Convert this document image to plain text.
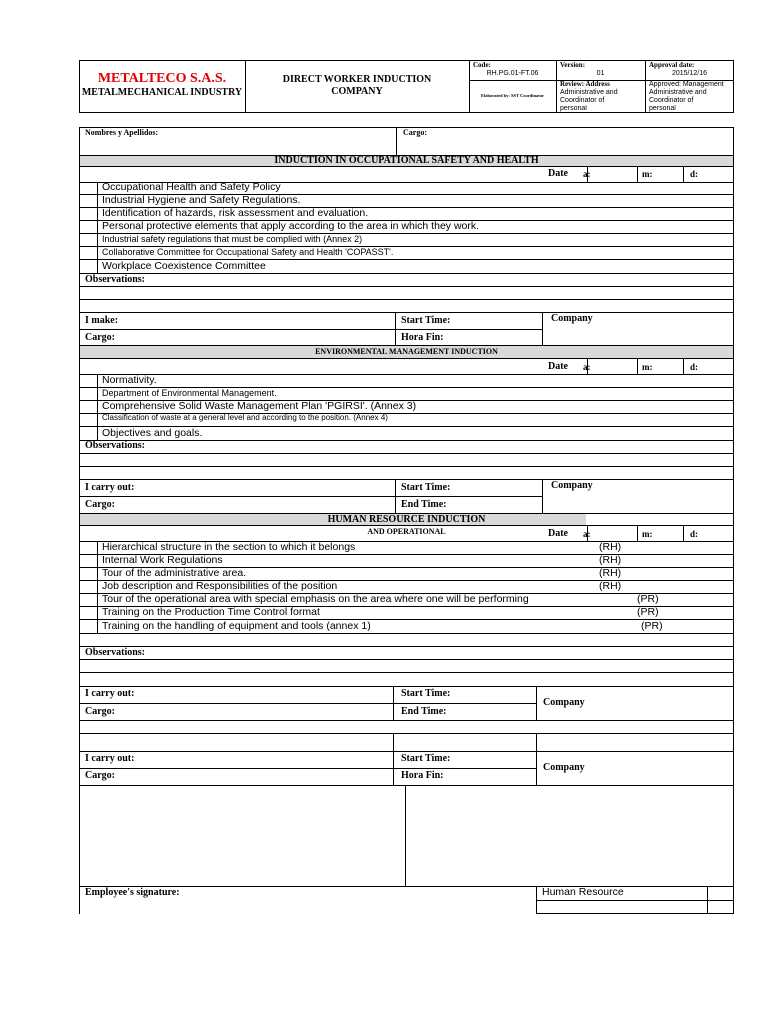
METALTECO S.A.S.
METALMECHANICAL INDUSTRY
DIRECT WORKER INDUCTION
COMPANY
Code:
RH.PG.01-FT.06
Version:
01
Approval date:
2015/12/16
Elaborated by: SST Coordinator
Review: Address
Administrative and
Coordinator of
personal
Approved: Management
Administrative and
Coordinator of
personal
Nombres y Apellidos:	Cargo:
INDUCTION IN OCCUPATIONAL SAFETY AND HEALTH
Date a:	m:	d:
Occupational Health and Safety Policy
Industrial Hygiene and Safety Regulations.
Identification of hazards, risk assessment and evaluation.
Personal protective elements that apply according to the area in which they work.
Industrial safety regulations that must be complied with (Annex 2)
Collaborative Committee for Occupational Safety and Health 'COPASST'.
Workplace Coexistence Committee
Observations:
I make:	Start Time:	Company
Cargo:	Hora Fin:
ENVIRONMENTAL MANAGEMENT INDUCTION
Date a:	m:	d:
Normativity.
Department of Environmental Management.
Comprehensive Solid Waste Management Plan 'PGIRSI'. (Annex 3)
Classification of waste at a general level and according to the position. (Annex 4)
Objectives and goals.
Observations:
I carry out:	Start Time:	Company
Cargo:	End Time:
HUMAN RESOURCE INDUCTION
AND OPERATIONAL	Date a:	m:	d:
Hierarchical structure in the section to which it belongs	(RH)
Internal Work Regulations	(RH)
Tour of the administrative area.	(RH)
Job description and Responsibilities of the position	(RH)
Tour of the operational area with special emphasis on the area where one will be performing	(PR)
Training on the Production Time Control format	(PR)
Training on the handling of equipment and tools (annex 1)	(PR)
Observations:
I carry out:	Start Time:
Company
Cargo:	End Time:
I carry out:	Start Time:
Company
Cargo:	Hora Fin:
Employee's signature:	Human Resource
